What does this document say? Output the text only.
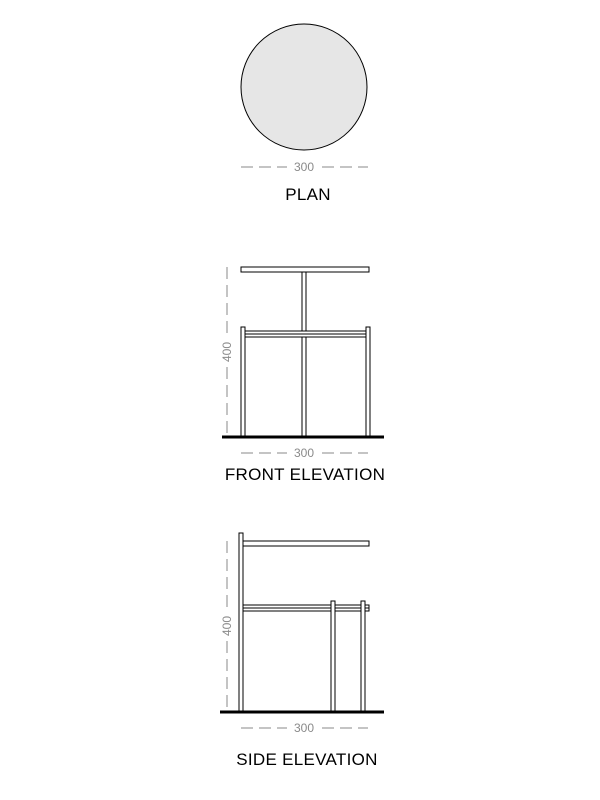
300
PLAN
400
300
FRONT ELEVATION
400
300
SIDE ELEVATION
